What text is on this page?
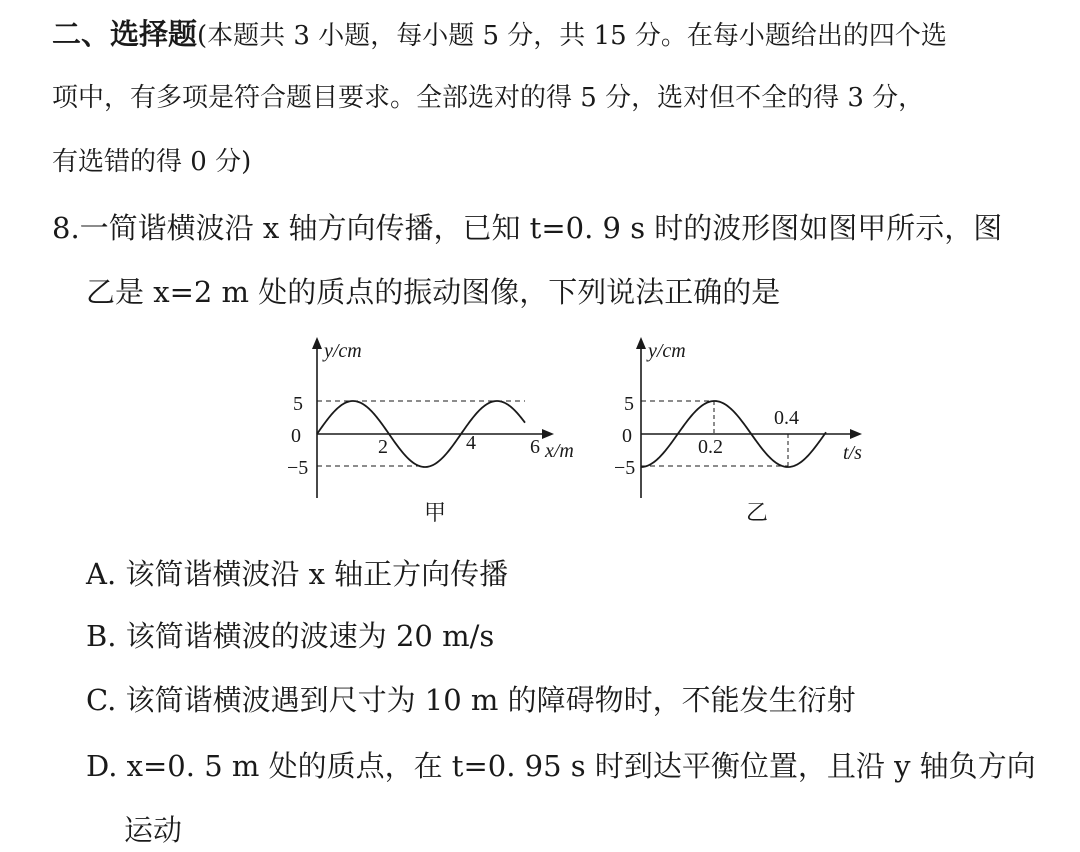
二、选择题(本题共 3 小题，每小题 5 分，共 15 分。在每小题给出的四个选
项中，有多项是符合题目要求。全部选对的得 5 分，选对但不全的得 3 分，
有选错的得 0 分)
8.一简谐横波沿 x 轴方向传播，已知 t=0. 9 s 时的波形图如图甲所示，图
乙是 x=2 m 处的质点的振动图像，下列说法正确的是
y/cm
5
0
−5
2	4	6 x/m
甲
y/cm
5
0
−5
0.2
0.4
t/s
乙
A. 该简谐横波沿 x 轴正方向传播
B. 该简谐横波的波速为 20 m/s
C. 该简谐横波遇到尺寸为 10 m 的障碍物时，不能发生衍射
D. x=0. 5 m 处的质点，在 t=0. 95 s 时到达平衡位置，且沿 y 轴负方向
运动
